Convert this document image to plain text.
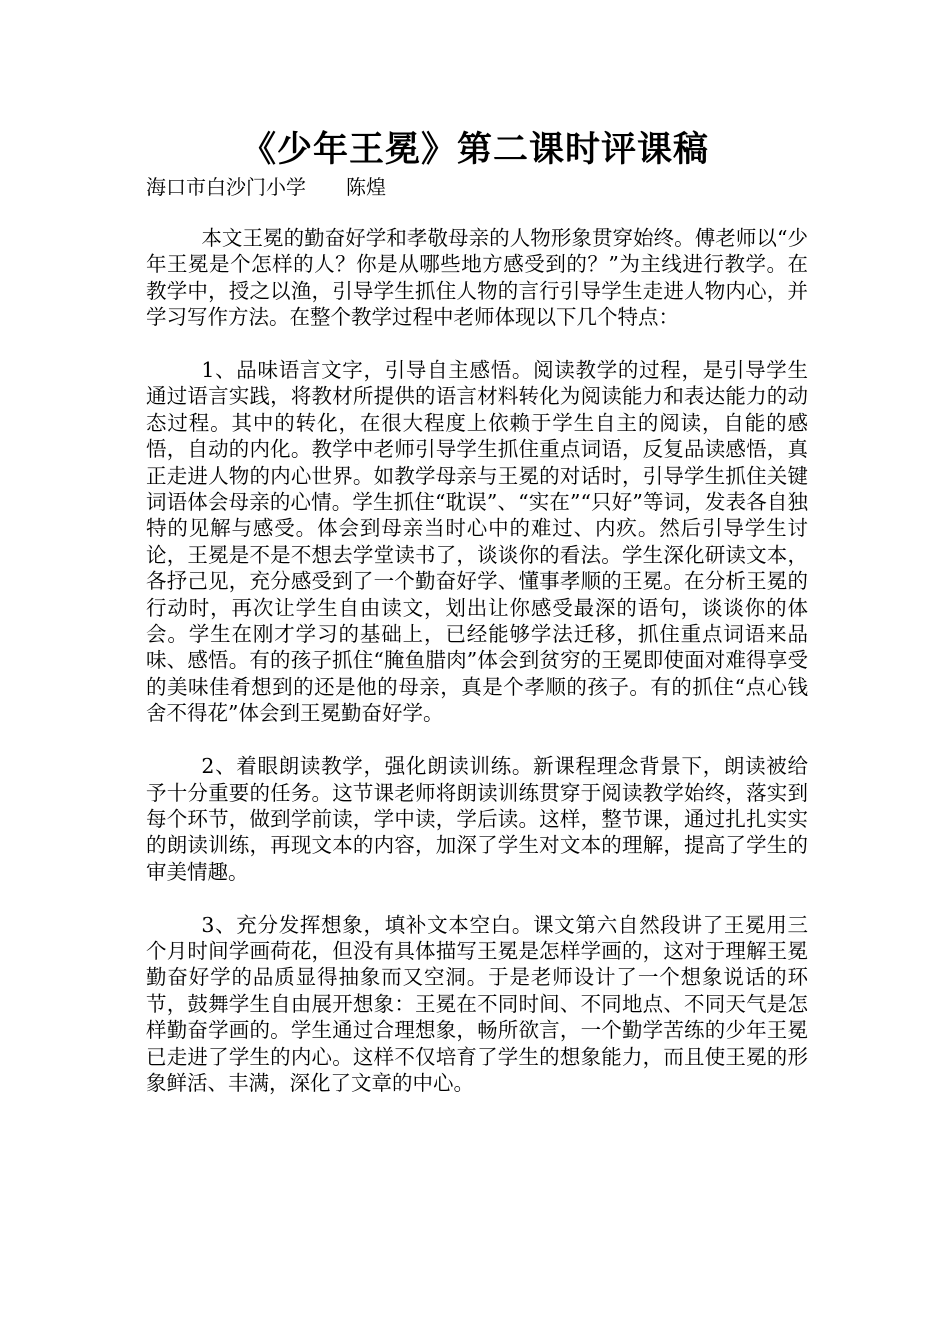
《少年王冕》第二课时评课稿
海口市白沙门小学　　陈煌

本文王冕的勤奋好学和孝敬母亲的人物形象贯穿始终。傅老师以“少年王冕是个怎样的人？你是从哪些地方感受到的？”为主线进行教学。在教学中，授之以渔，引导学生抓住人物的言行引导学生走进人物内心，并学习写作方法。在整个教学过程中老师体现以下几个特点：

1、品味语言文字，引导自主感悟。阅读教学的过程，是引导学生通过语言实践，将教材所提供的语言材料转化为阅读能力和表达能力的动态过程。其中的转化，在很大程度上依赖于学生自主的阅读，自能的感悟，自动的内化。教学中老师引导学生抓住重点词语，反复品读感悟，真正走进人物的内心世界。如教学母亲与王冕的对话时，引导学生抓住关键词语体会母亲的心情。学生抓住“耽误”、“实在”“只好”等词，发表各自独特的见解与感受。体会到母亲当时心中的难过、内疚。然后引导学生讨论，王冕是不是不想去学堂读书了，谈谈你的看法。学生深化研读文本，各抒己见，充分感受到了一个勤奋好学、懂事孝顺的王冕。在分析王冕的行动时，再次让学生自由读文，划出让你感受最深的语句，谈谈你的体会。学生在刚才学习的基础上，已经能够学法迁移，抓住重点词语来品味、感悟。有的孩子抓住“腌鱼腊肉”体会到贫穷的王冕即使面对难得享受的美味佳肴想到的还是他的母亲，真是个孝顺的孩子。有的抓住“点心钱舍不得花”体会到王冕勤奋好学。

2、着眼朗读教学，强化朗读训练。新课程理念背景下，朗读被给予十分重要的任务。这节课老师将朗读训练贯穿于阅读教学始终，落实到每个环节，做到学前读，学中读，学后读。这样，整节课，通过扎扎实实的朗读训练，再现文本的内容，加深了学生对文本的理解，提高了学生的审美情趣。

3、充分发挥想象，填补文本空白。课文第六自然段讲了王冕用三个月时间学画荷花，但没有具体描写王冕是怎样学画的，这对于理解王冕勤奋好学的品质显得抽象而又空洞。于是老师设计了一个想象说话的环节，鼓舞学生自由展开想象：王冕在不同时间、不同地点、不同天气是怎样勤奋学画的。学生通过合理想象，畅所欲言，一个勤学苦练的少年王冕已走进了学生的内心。这样不仅培育了学生的想象能力，而且使王冕的形象鲜活、丰满，深化了文章的中心。
